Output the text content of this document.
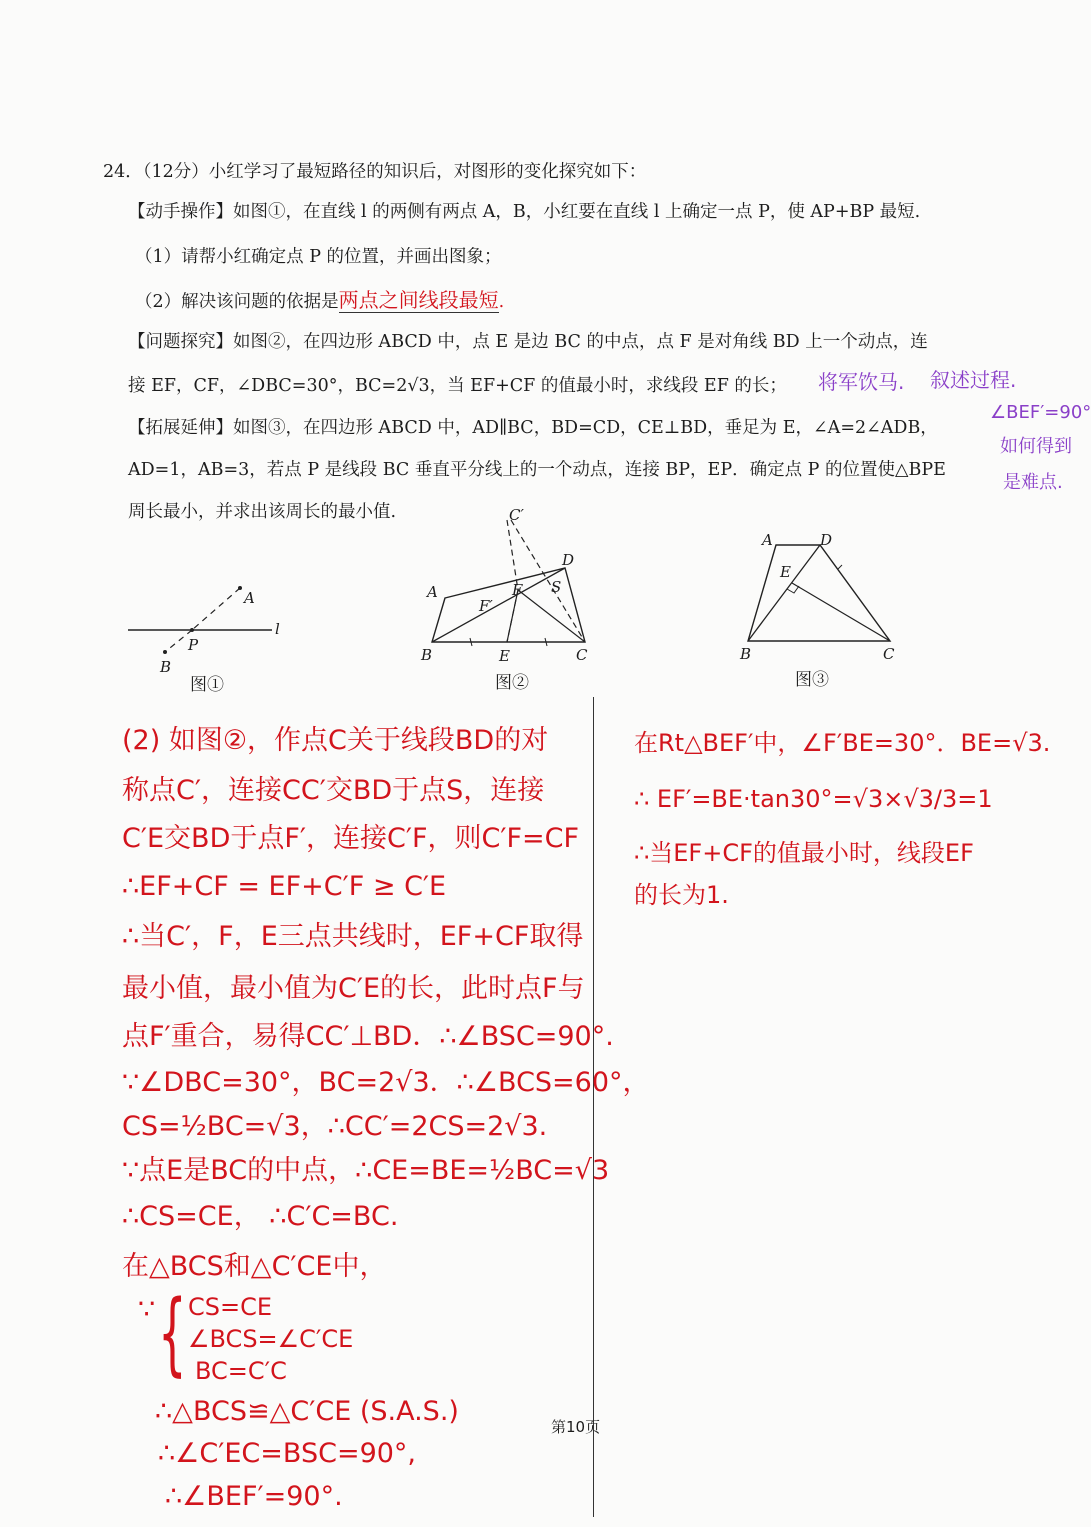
24．（12分）小红学习了最短路径的知识后，对图形的变化探究如下：
【动手操作】如图①，在直线 l 的两侧有两点 A，B，小红要在直线 l 上确定一点 P，使 AP+BP 最短.
（1）请帮小红确定点 P 的位置，并画出图象；
（2）解决该问题的依据是两点之间线段最短.
【问题探究】如图②，在四边形 ABCD 中，点 E 是边 BC 的中点，点 F 是对角线 BD 上一个动点，连
接 EF，CF，∠DBC=30°，BC=2√3，当 EF+CF 的值最小时，求线段 EF 的长；
【拓展延伸】如图③，在四边形 ABCD 中，AD∥BC，BD=CD，CE⊥BD，垂足为 E，∠A=2∠ADB，
AD=1，AB=3，若点 P 是线段 BC 垂直平分线上的一个动点，连接 BP，EP．确定点 P 的位置使△BPE
周长最小，并求出该周长的最小值.
将军饮马. 叙述过程.
∠BEF′=90°
如何得到
是难点.
A
P
l
B
图①
C′
D
A	F
F′
S
B	E	C
图②
A	D
E
B	C
图③
(2) 如图②，作点C关于线段BD的对
称点C′，连接CC′交BD于点S，连接
C′E交BD于点F′，连接C′F，则C′F=CF
∴EF+CF = EF+C′F ≥ C′E
∴当C′，F，E三点共线时，EF+CF取得
最小值，最小值为C′E的长，此时点F与
点F′重合，易得CC′⊥BD．∴∠BSC=90°.
∵∠DBC=30°，BC=2√3．∴∠BCS=60°，
CS=½BC=√3，∴CC′=2CS=2√3.
∵点E是BC的中点，∴CE=BE=½BC=√3
∴CS=CE， ∴C′C=BC.
在△BCS和△C′CE中，
∵ { CS=CE
∠BCS=∠C′CE
BC=C′C
∴△BCS≌△C′CE (S.A.S.)
∴∠C′EC=BSC=90°,
∴∠BEF′=90°.
在Rt△BEF′中，∠F′BE=30°．BE=√3.
∴ EF′=BE·tan30°=√3×√3/3=1
∴当EF+CF的值最小时，线段EF
的长为1.
第10页
